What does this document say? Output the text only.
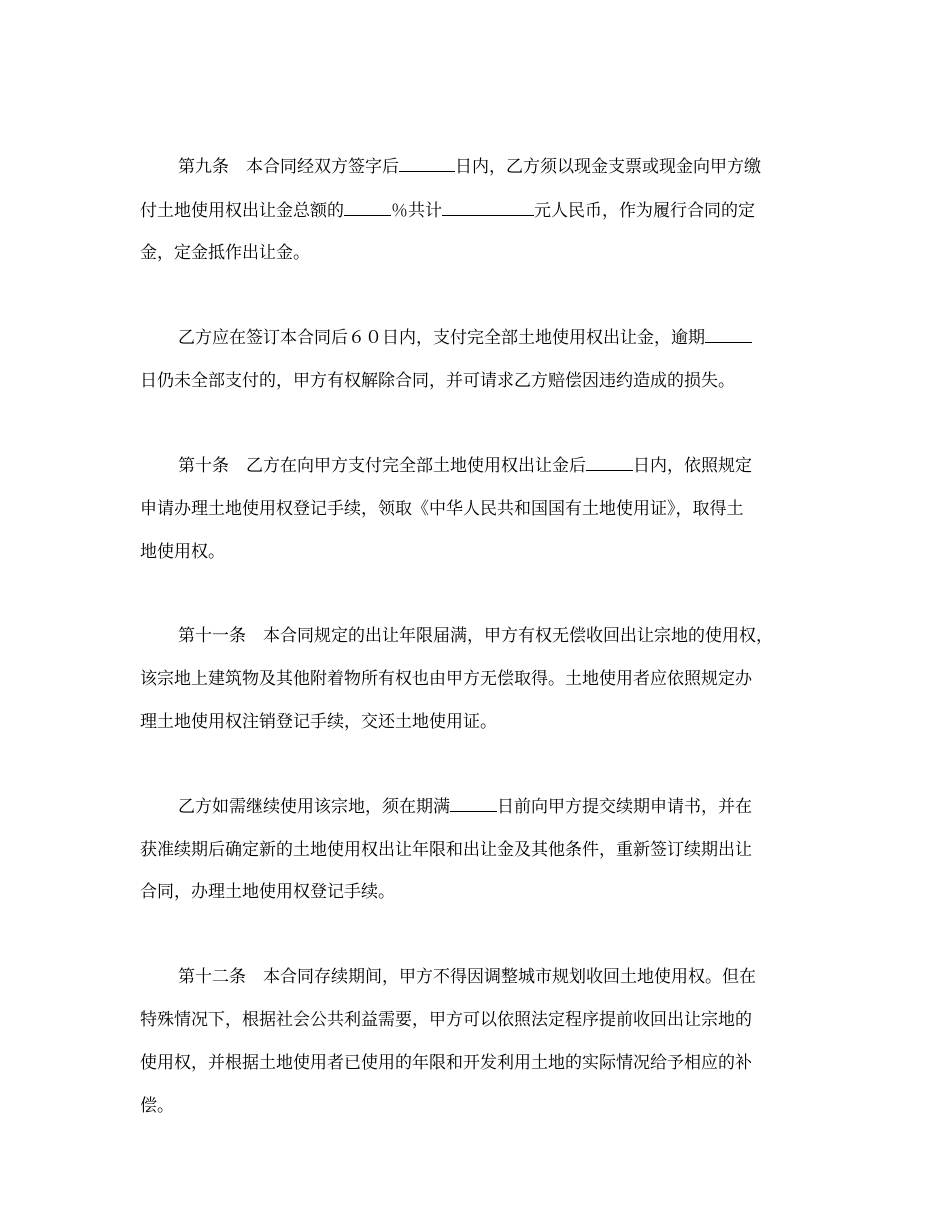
第九条　本合同经双方签字后	日内，乙方须以现金支票或现金向甲方缴
付土地使用权出让金总额的	％共计	元人民币，作为履行合同的定
金，定金抵作出让金。
乙方应在签订本合同后６０日内，支付完全部土地使用权出让金，逾期
日仍未全部支付的，甲方有权解除合同，并可请求乙方赔偿因违约造成的损失。
第十条　乙方在向甲方支付完全部土地使用权出让金后	日内，依照规定
申请办理土地使用权登记手续，领取《中华人民共和国国有土地使用证》，取得土
地使用权。
第十一条　本合同规定的出让年限届满，甲方有权无偿收回出让宗地的使用权，
该宗地上建筑物及其他附着物所有权也由甲方无偿取得。土地使用者应依照规定办
理土地使用权注销登记手续，交还土地使用证。
乙方如需继续使用该宗地，须在期满	日前向甲方提交续期申请书，并在
获准续期后确定新的土地使用权出让年限和出让金及其他条件，重新签订续期出让
合同，办理土地使用权登记手续。
第十二条　本合同存续期间，甲方不得因调整城市规划收回土地使用权。但在
特殊情况下，根据社会公共利益需要，甲方可以依照法定程序提前收回出让宗地的
使用权，并根据土地使用者已使用的年限和开发利用土地的实际情况给予相应的补
偿。
